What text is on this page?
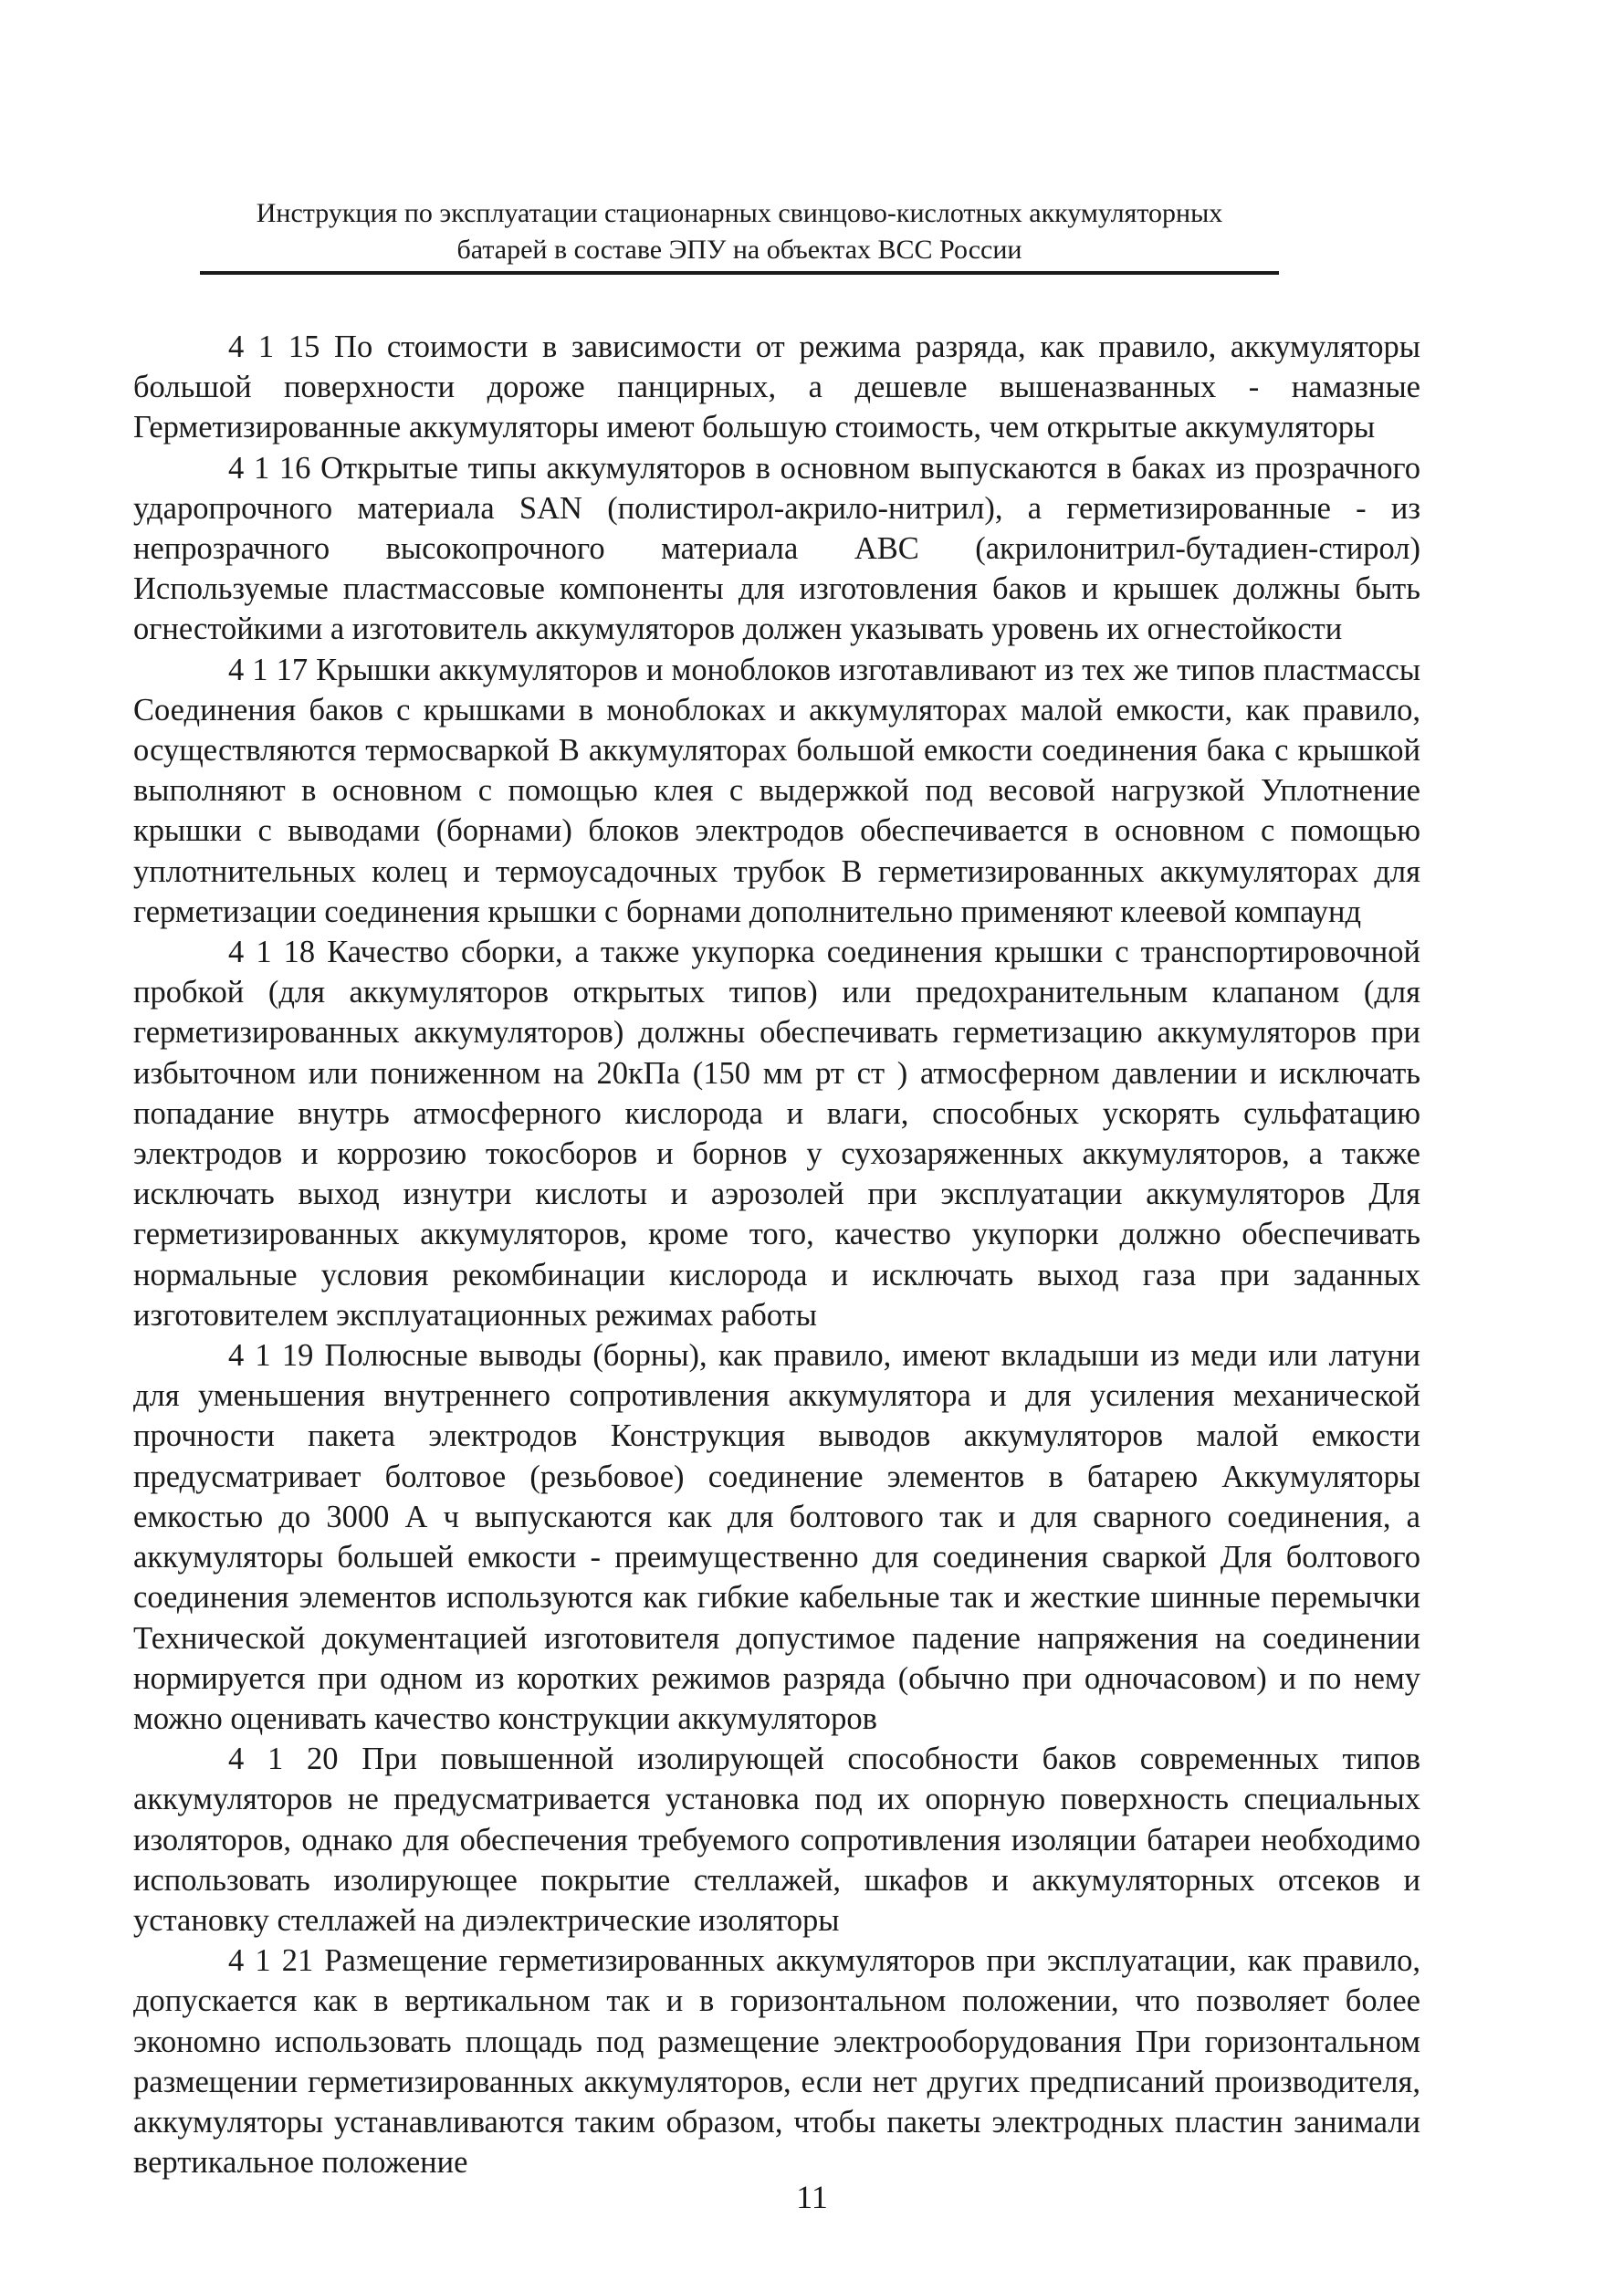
Инструкция по эксплуатации стационарных свинцово-кислотных аккумуляторных
батарей в составе ЭПУ на объектах ВСС России

4 1 15 По стоимости в зависимости от режима разряда, как правило, аккумуляторы большой поверхности дороже панцирных, а дешевле вышеназванных - намазные Герметизированные аккумуляторы имеют большую стоимость, чем открытые аккумуляторы

4 1 16 Открытые типы аккумуляторов в основном выпускаются в баках из прозрачного ударопрочного материала SAN (полистирол-акрило-нитрил), а герметизированные - из непрозрачного высокопрочного материала ABC (акрилонитрил-бутадиен-стирол) Используемые пластмассовые компоненты для изготовления баков и крышек должны быть огнестойкими а изготовитель аккумуляторов должен указывать уровень их огнестойкости

4 1 17 Крышки аккумуляторов и моноблоков изготавливают из тех же типов пластмассы Соединения баков с крышками в моноблоках и аккумуляторах малой емкости, как правило, осуществляются термосваркой В аккумуляторах большой емкости соединения бака с крышкой выполняют в основном с помощью клея с выдержкой под весовой нагрузкой Уплотнение крышки с выводами (борнами) блоков электродов обеспечивается в основном с помощью уплотнительных колец и термоусадочных трубок В герметизированных аккумуляторах для герметизации соединения крышки с борнами дополнительно применяют клеевой компаунд

4 1 18 Качество сборки, а также укупорка соединения крышки с транспортировочной пробкой (для аккумуляторов открытых типов) или предохранительным клапаном (для герметизированных аккумуляторов) должны обеспечивать герметизацию аккумуляторов при избыточном или пониженном на 20кПа (150 мм рт ст ) атмосферном давлении и исключать попадание внутрь атмосферного кислорода и влаги, способных ускорять сульфатацию электродов и коррозию токосборов и борнов у сухозаряженных аккумуляторов, а также исключать выход изнутри кислоты и аэрозолей при эксплуатации аккумуляторов Для герметизированных аккумуляторов, кроме того, качество укупорки должно обеспечивать нормальные условия рекомбинации кислорода и исключать выход газа при заданных изготовителем эксплуатационных режимах работы

4 1 19 Полюсные выводы (борны), как правило, имеют вкладыши из меди или латуни для уменьшения внутреннего сопротивления аккумулятора и для усиления механической прочности пакета электродов Конструкция выводов аккумуляторов малой емкости предусматривает болтовое (резьбовое) соединение элементов в батарею Аккумуляторы емкостью до 3000 А ч выпускаются как для болтового так и для сварного соединения, а аккумуляторы большей емкости - преимущественно для соединения сваркой Для болтового соединения элементов используются как гибкие кабельные так и жесткие шинные перемычки Технической документацией изготовителя допустимое падение напряжения на соединении нормируется при одном из коротких режимов разряда (обычно при одночасовом) и по нему можно оценивать качество конструкции аккумуляторов

4 1 20 При повышенной изолирующей способности баков современных типов аккумуляторов не предусматривается установка под их опорную поверхность специальных изоляторов, однако для обеспечения требуемого сопротивления изоляции батареи необходимо использовать изолирующее покрытие стеллажей, шкафов и аккумуляторных отсеков и установку стеллажей на диэлектрические изоляторы

4 1 21 Размещение герметизированных аккумуляторов при эксплуатации, как правило, допускается как в вертикальном так и в горизонтальном положении, что позволяет более экономно использовать площадь под размещение электрооборудования При горизонтальном размещении герметизированных аккумуляторов, если нет других предписаний производителя, аккумуляторы устанавливаются таким образом, чтобы пакеты электродных пластин занимали вертикальное положение

11
